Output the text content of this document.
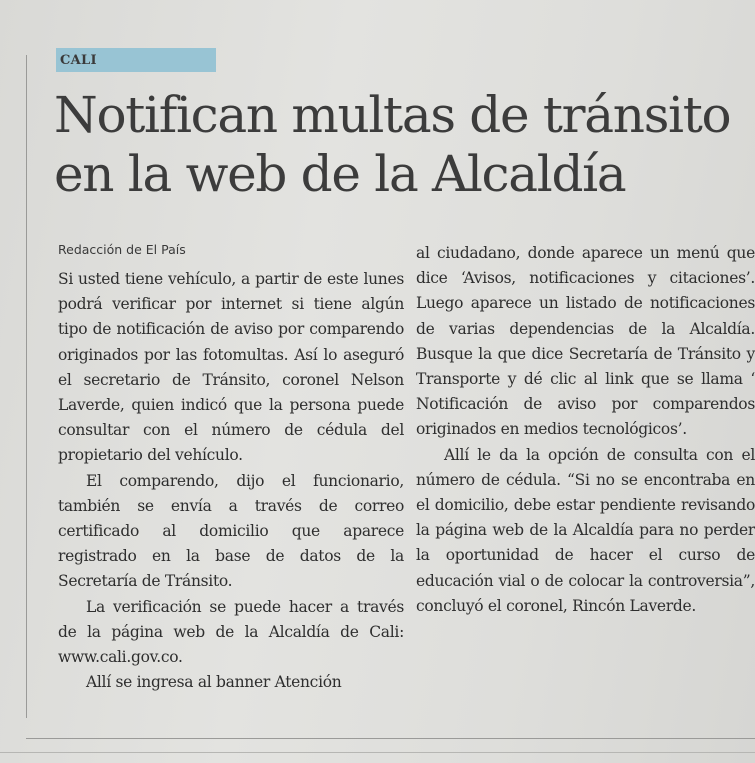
CALI
Notifican multas de tránsito
en la web de la Alcaldía
Redacción de El País

Si usted tiene vehículo, a partir de este lunes podrá verificar por internet si tiene algún tipo de notificación de aviso por comparendo originados por las fotomultas. Así lo aseguró el secretario de Tránsito, coronel Nelson Laverde, quien indicó que la persona puede consultar con el número de cédula del propietario del vehículo.

El comparendo, dijo el funcionario, también se envía a través de correo certificado al domicilio que aparece registrado en la base de datos de la Secretaría de Tránsito.

La verificación se puede hacer a través de la página web de la Alcaldía de Cali: www.cali.gov.co.

Allí se ingresa al banner Atención

al ciudadano, donde aparece un menú que dice ‘Avisos, notificaciones y citaciones’. Luego aparece un listado de notificaciones de varias dependencias de la Alcaldía. Busque la que dice Secretaría de Tránsito y Transporte y dé clic al link que se llama ‘ Notificación de aviso por comparendos originados en medios tecnológicos’.

Allí le da la opción de consulta con el número de cédula. “Si no se encontraba en el domicilio, debe estar pendiente revisando la página web de la Alcaldía para no perder la oportunidad de hacer el curso de educación vial o de colocar la controversia”, concluyó el coronel, Rincón Laverde.
